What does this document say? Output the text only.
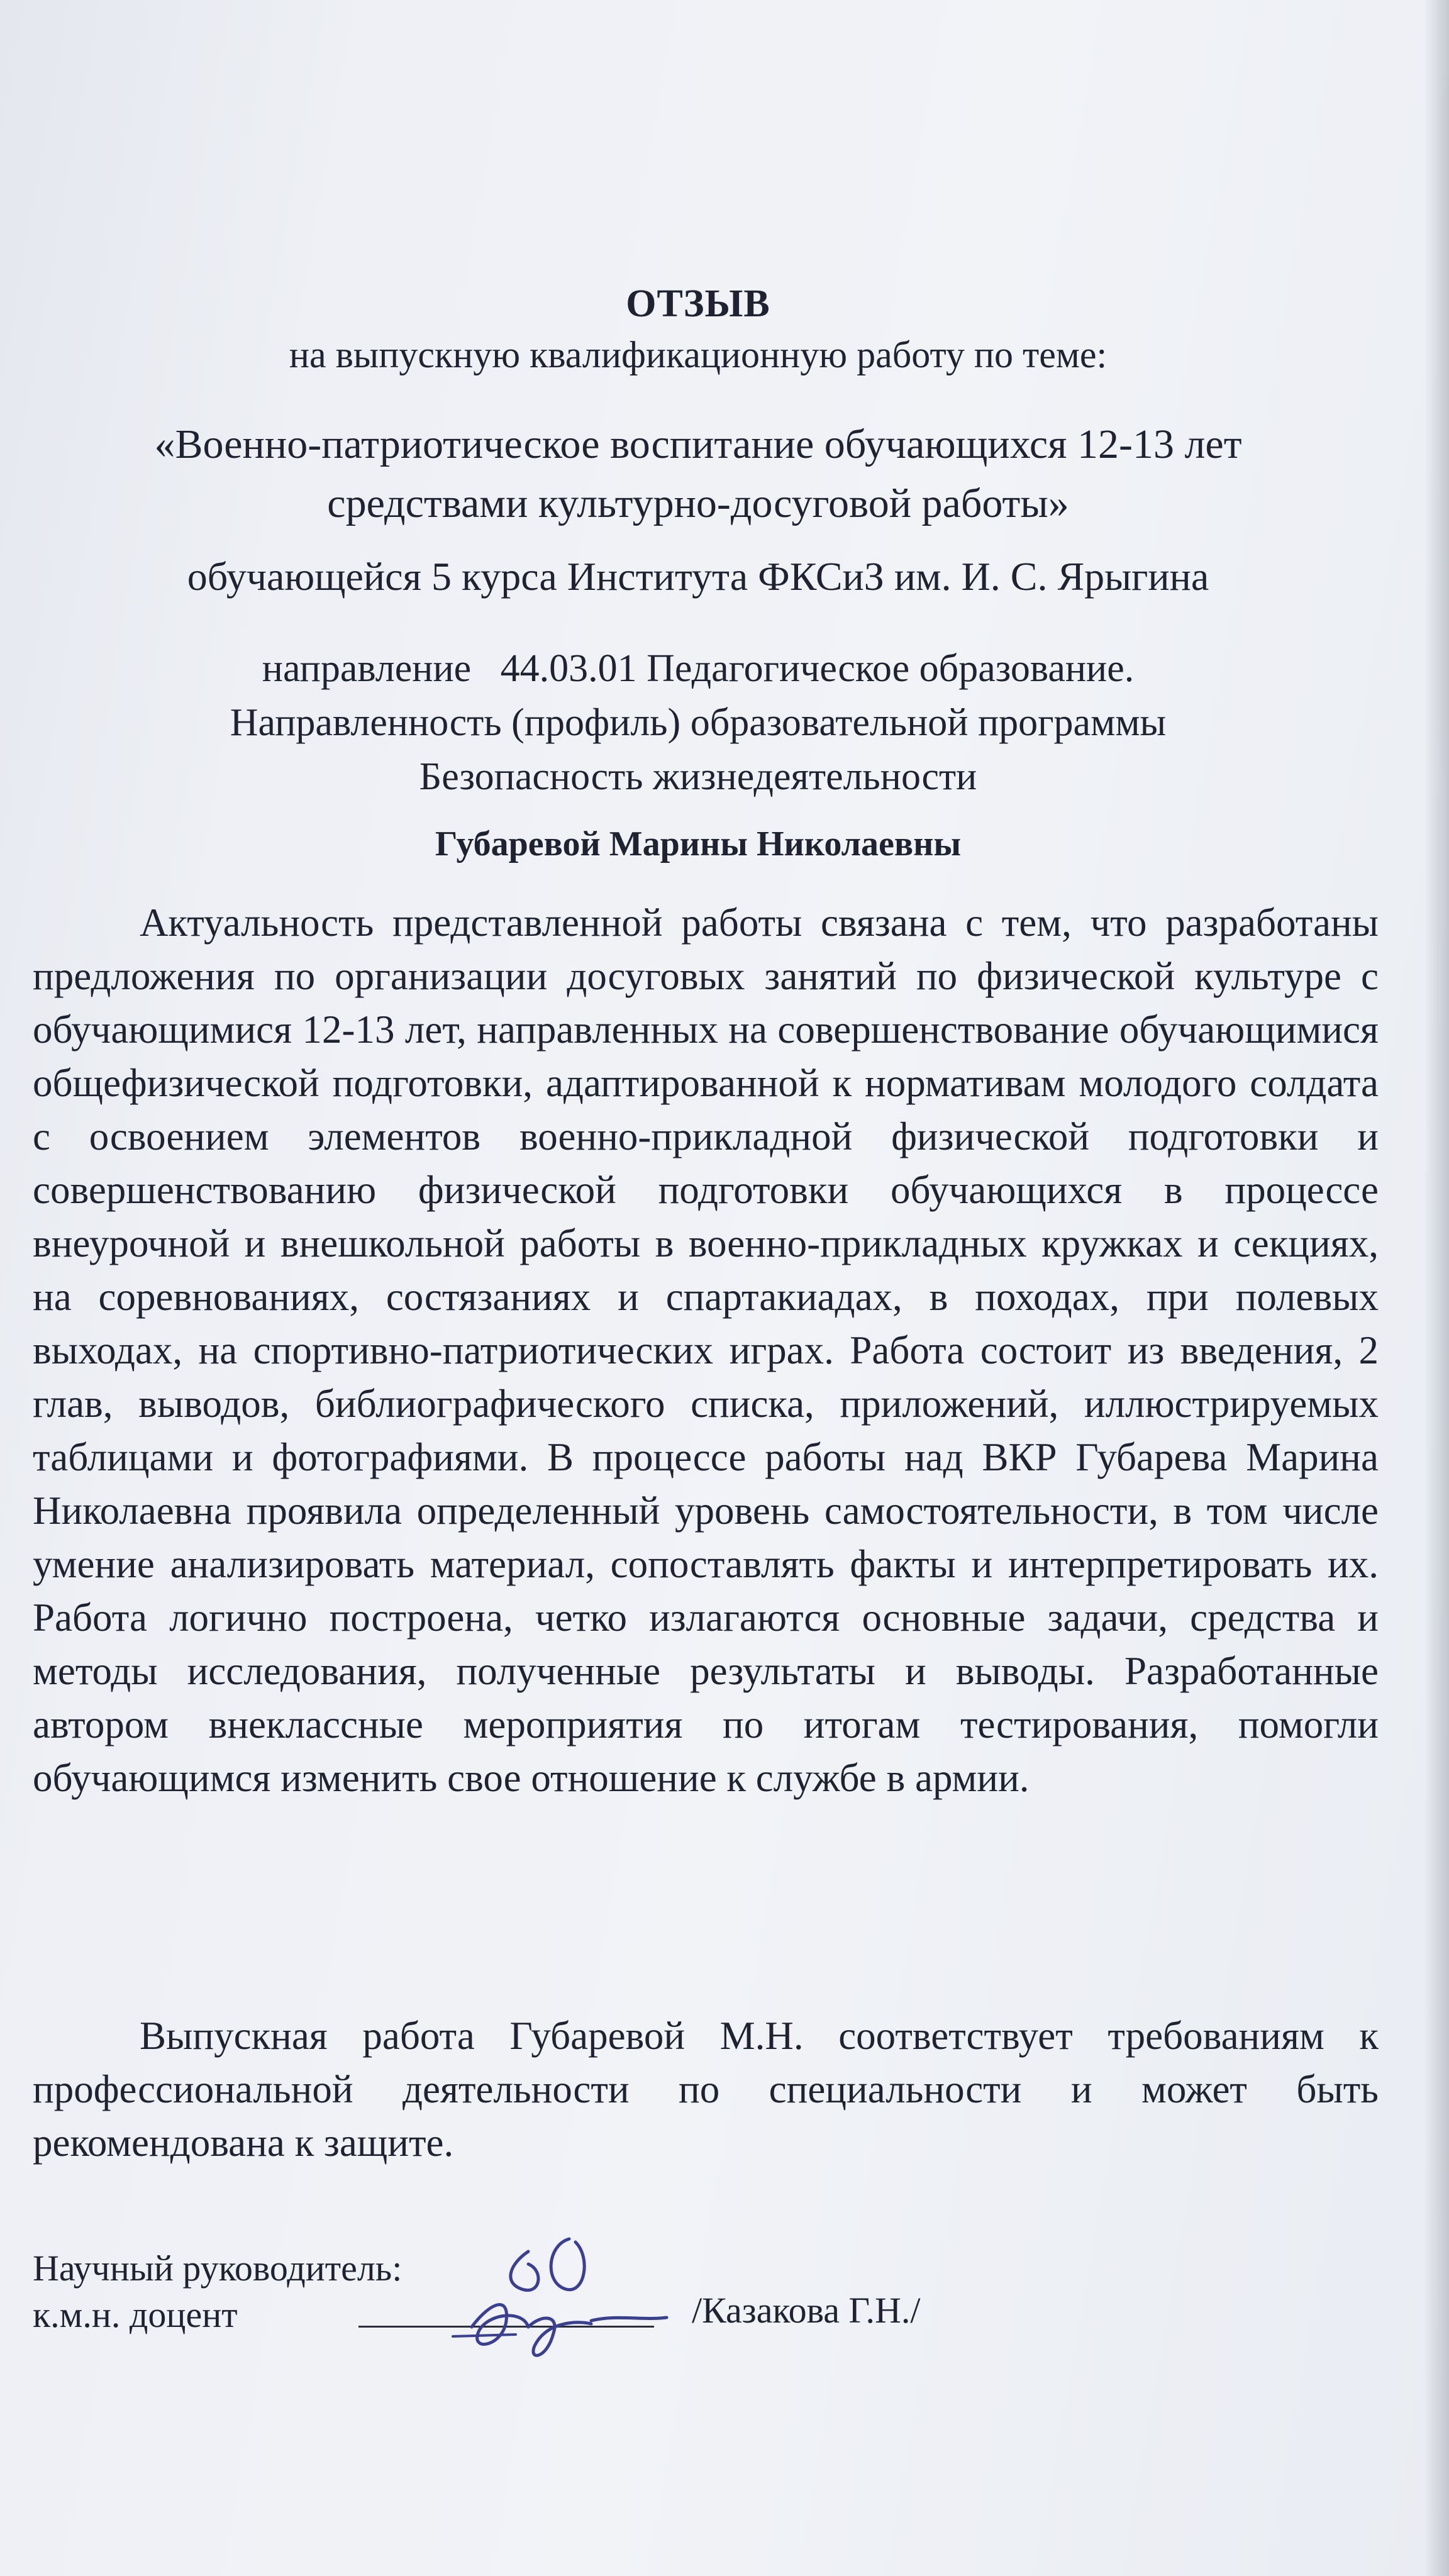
ОТЗЫВ
на выпускную квалификационную работу по теме:
«Военно-патриотическое воспитание обучающихся 12-13 лет
средствами культурно-досуговой работы»
обучающейся 5 курса Института ФКСиЗ им. И. С. Ярыгина
направление   44.03.01 Педагогическое образование.
Направленность (профиль) образовательной программы
Безопасность жизнедеятельности
Губаревой Марины Николаевны

Актуальность представленной работы связана с тем, что разработаны предложения по организации досуговых занятий по физической культуре с обучающимися 12-13 лет, направленных на совершенствование обучающимися общефизической подготовки, адаптированной к нормативам молодого солдата с освоением элементов военно-прикладной физической подготовки и совершенствованию физической подготовки обучающихся в процессе внеурочной и внешкольной работы в военно-прикладных кружках и секциях, на соревнованиях, состязаниях и спартакиадах, в походах, при полевых выходах, на спортивно-патриотических играх. Работа состоит из введения, 2 глав, выводов, библиографического списка, приложений, иллюстрируемых таблицами и фотографиями. В процессе работы над ВКР Губарева Марина Николаевна проявила определенный уровень самостоятельности, в том числе умение анализировать материал, сопоставлять факты и интерпретировать их. Работа логично построена, четко излагаются основные задачи, средства и методы исследования, полученные результаты и выводы. Разработанные автором внеклассные мероприятия по итогам тестирования, помогли обучающимся изменить свое отношение к службе в армии.

Выпускная работа Губаревой М.Н. соответствует требованиям к профессиональной деятельности по специальности и может быть рекомендована к защите.

Научный руководитель:
к.м.н. доцент	/Казакова Г.Н./
